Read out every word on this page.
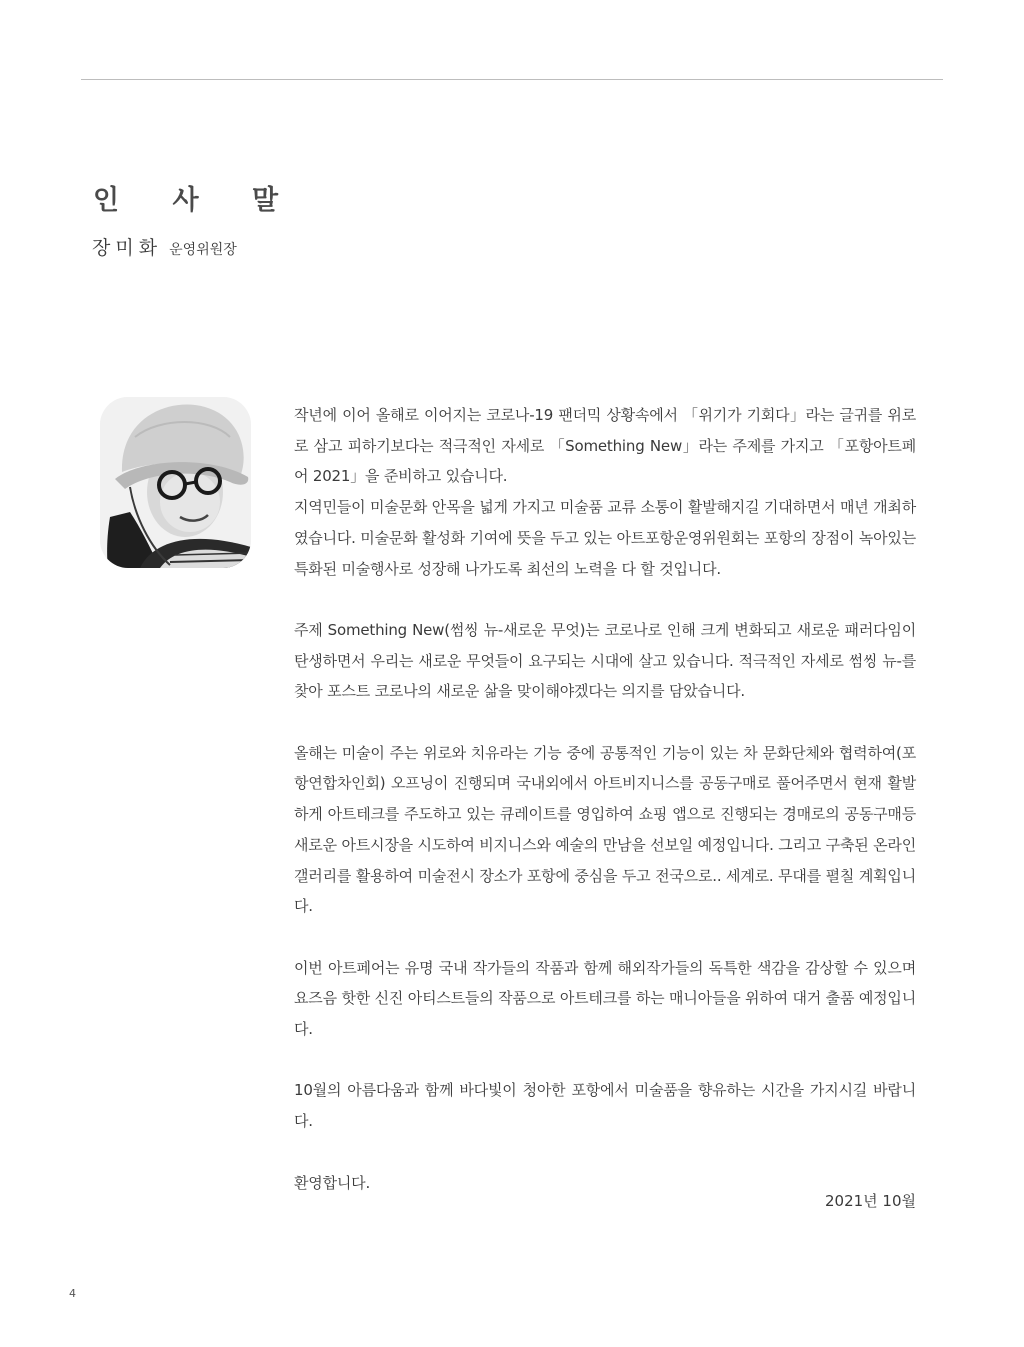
인 사 말
장미화 운영위원장

작년에 이어 올해로 이어지는 코로나-19 팬더믹 상황속에서 「위기가 기회다」라는 글귀를 위로로 삼고 피하기보다는 적극적인 자세로 「Something New」라는 주제를 가지고 「포항아트페어 2021」을 준비하고 있습니다.

지역민들이 미술문화 안목을 넓게 가지고 미술품 교류 소통이 활발해지길 기대하면서 매년 개최하였습니다. 미술문화 활성화 기여에 뜻을 두고 있는 아트포항운영위원회는 포항의 장점이 녹아있는 특화된 미술행사로 성장해 나가도록 최선의 노력을 다 할 것입니다.

주제 Something New(썸씽 뉴-새로운 무엇)는 코로나로 인해 크게 변화되고 새로운 패러다임이 탄생하면서 우리는 새로운 무엇들이 요구되는 시대에 살고 있습니다. 적극적인 자세로 썸씽 뉴-를 찾아 포스트 코로나의 새로운 삶을 맞이해야겠다는 의지를 담았습니다.

올해는 미술이 주는 위로와 치유라는 기능 중에 공통적인 기능이 있는 차 문화단체와 협력하여(포항연합차인회) 오프닝이 진행되며 국내외에서 아트비지니스를 공동구매로 풀어주면서 현재 활발하게 아트테크를 주도하고 있는 큐레이트를 영입하여 쇼핑 앱으로 진행되는 경매로의 공동구매등 새로운 아트시장을 시도하여 비지니스와 예술의 만남을 선보일 예정입니다. 그리고 구축된 온라인 갤러리를 활용하여 미술전시 장소가 포항에 중심을 두고 전국으로.. 세계로. 무대를 펼칠 계획입니다.

이번 아트페어는 유명 국내 작가들의 작품과 함께 해외작가들의 독특한 색감을 감상할 수 있으며 요즈음 핫한 신진 아티스트들의 작품으로 아트테크를 하는 매니아들을 위하여 대거 출품 예정입니다.

10월의 아름다움과 함께 바다빛이 청아한 포항에서 미술품을 향유하는 시간을 가지시길 바랍니다.

환영합니다.

2021년 10월
4
